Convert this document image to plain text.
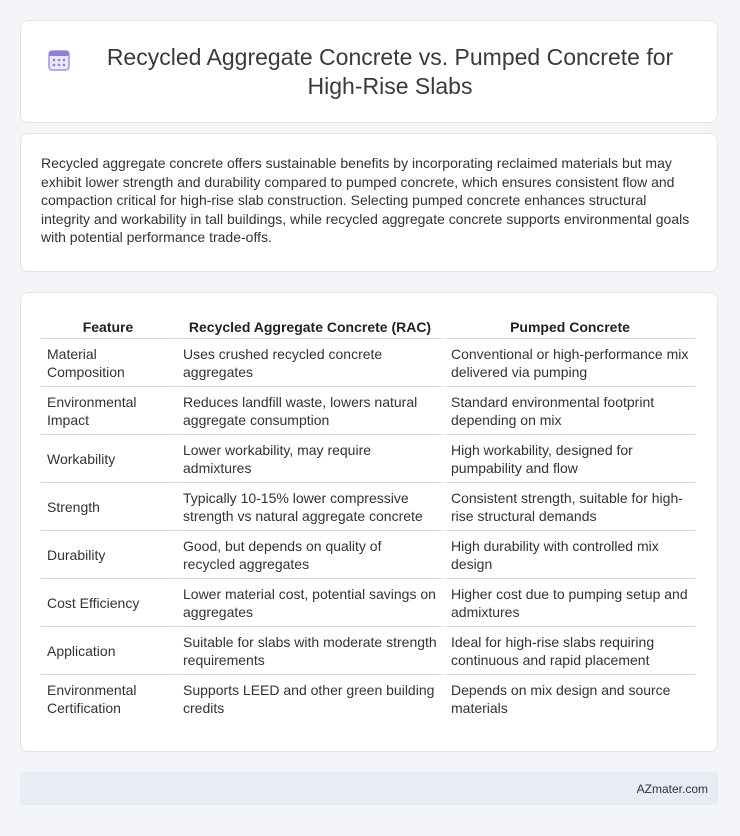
Recycled Aggregate Concrete vs. Pumped Concrete for High-Rise Slabs

Recycled aggregate concrete offers sustainable benefits by incorporating reclaimed materials but may exhibit lower strength and durability compared to pumped concrete, which ensures consistent flow and compaction critical for high-rise slab construction. Selecting pumped concrete enhances structural integrity and workability in tall buildings, while recycled aggregate concrete supports environmental goals with potential performance trade-offs.

Feature	Recycled Aggregate Concrete (RAC)	Pumped Concrete
Material Composition	Uses crushed recycled concrete aggregates	Conventional or high-performance mix delivered via pumping
Environmental Impact	Reduces landfill waste, lowers natural aggregate consumption	Standard environmental footprint depending on mix
Workability	Lower workability, may require admixtures	High workability, designed for pumpability and flow
Strength	Typically 10-15% lower compressive strength vs natural aggregate concrete	Consistent strength, suitable for high-rise structural demands
Durability	Good, but depends on quality of recycled aggregates	High durability with controlled mix design
Cost Efficiency	Lower material cost, potential savings on aggregates	Higher cost due to pumping setup and admixtures
Application	Suitable for slabs with moderate strength requirements	Ideal for high-rise slabs requiring continuous and rapid placement
Environmental Certification	Supports LEED and other green building credits	Depends on mix design and source materials
AZmater.com
